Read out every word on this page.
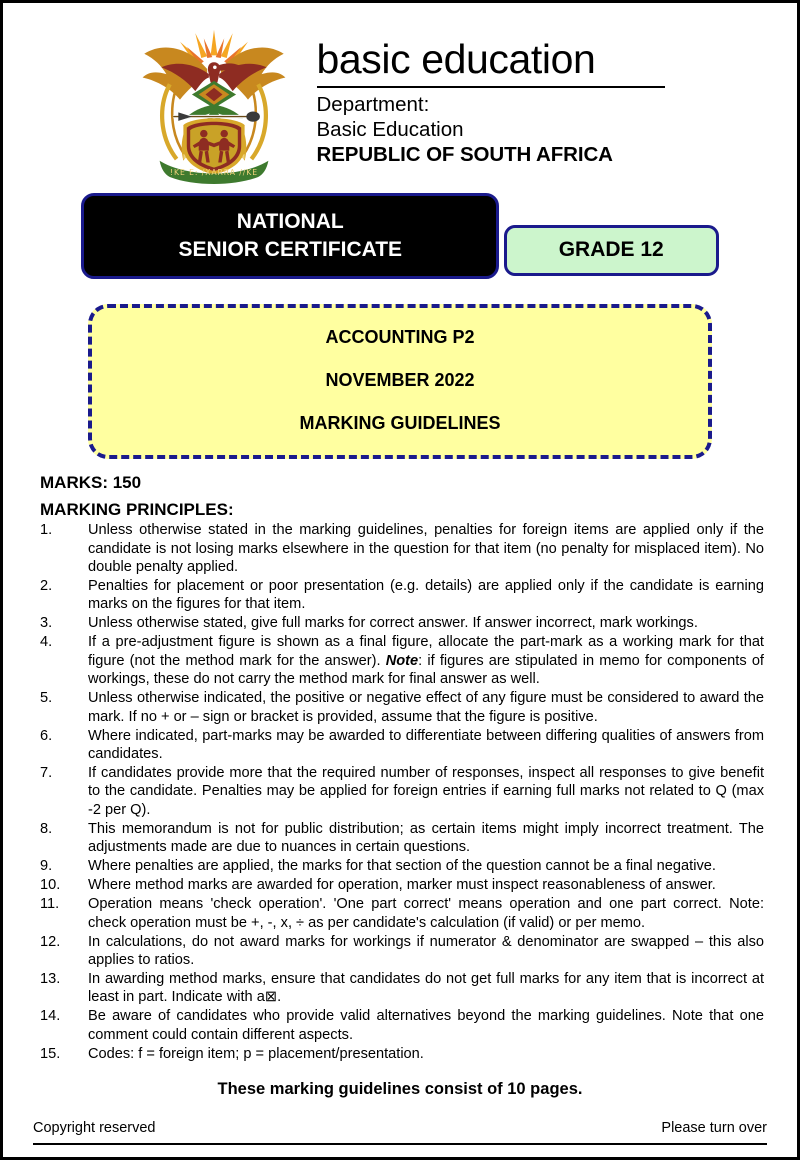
!KE E: /XARRA //KE
basic education
Department:
Basic Education
REPUBLIC OF SOUTH AFRICA
NATIONAL
SENIOR CERTIFICATE	GRADE 12
ACCOUNTING P2
NOVEMBER 2022
MARKING GUIDELINES
MARKS: 150
MARKING PRINCIPLES:
1.	Unless otherwise stated in the marking guidelines, penalties for foreign items are applied only if the candidate is not losing marks elsewhere in the question for that item (no penalty for misplaced item). No double penalty applied.
2.	Penalties for placement or poor presentation (e.g. details) are applied only if the candidate is earning marks on the figures for that item.
3.	Unless otherwise stated, give full marks for correct answer. If answer incorrect, mark workings.
4.	If a pre-adjustment figure is shown as a final figure, allocate the part-mark as a working mark for that figure (not the method mark for the answer). Note: if figures are stipulated in memo for components of workings, these do not carry the method mark for final answer as well.
5.	Unless otherwise indicated, the positive or negative effect of any figure must be considered to award the mark. If no + or – sign or bracket is provided, assume that the figure is positive.
6.	Where indicated, part-marks may be awarded to differentiate between differing qualities of answers from candidates.
7.	If candidates provide more that the required number of responses, inspect all responses to give benefit to the candidate. Penalties may be applied for foreign entries if earning full marks not related to Q (max -2 per Q).
8.	This memorandum is not for public distribution; as certain items might imply incorrect treatment. The adjustments made are due to nuances in certain questions.
9.	Where penalties are applied, the marks for that section of the question cannot be a final negative.
10.	Where method marks are awarded for operation, marker must inspect reasonableness of answer.
11.	Operation means 'check operation'. 'One part correct' means operation and one part correct. Note: check operation must be +, -, x, ÷ as per candidate's calculation (if valid) or per memo.
12.	In calculations, do not award marks for workings if numerator & denominator are swapped – this also applies to ratios.
13.	In awarding method marks, ensure that candidates do not get full marks for any item that is incorrect at least in part. Indicate with a⊠.
14.	Be aware of candidates who provide valid alternatives beyond the marking guidelines. Note that one comment could contain different aspects.
15.	Codes: f = foreign item; p = placement/presentation.
These marking guidelines consist of 10 pages.
Copyright reserved	Please turn over
